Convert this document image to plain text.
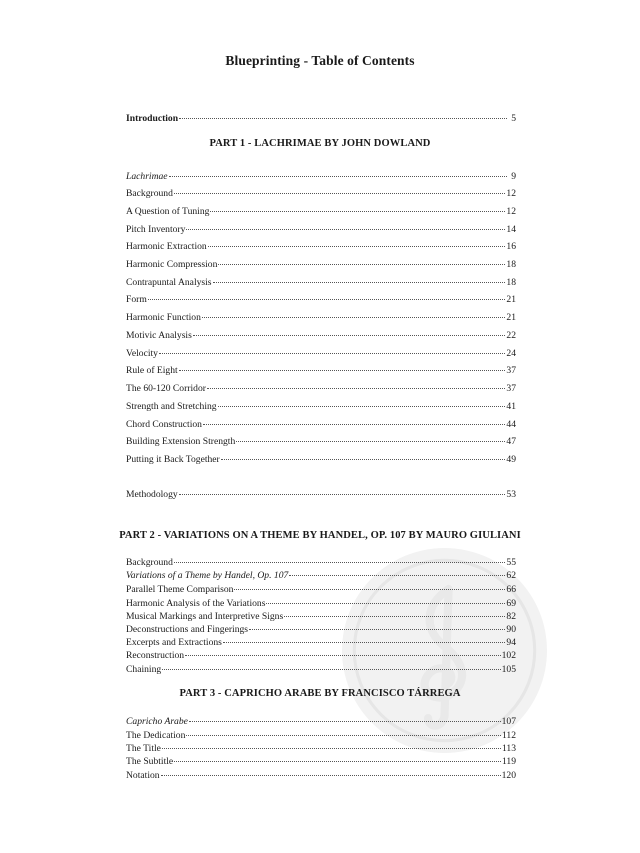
Blueprinting - Table of Contents
Introduction	5
PART 1 - LACHRIMAE BY JOHN DOWLAND
Lachrimae	9
Background	12
A Question of Tuning	12
Pitch Inventory	14
Harmonic Extraction	16
Harmonic Compression	18
Contrapuntal Analysis	18
Form	21
Harmonic Function	21
Motivic Analysis	22
Velocity	24
Rule of Eight	37
The 60-120 Corridor	37
Strength and Stretching	41
Chord Construction	44
Building Extension Strength	47
Putting it Back Together	49
Methodology	53
PART 2 - VARIATIONS ON A THEME BY HANDEL, OP. 107 BY MAURO GIULIANI
Background	55
Variations of a Theme by Handel, Op. 107	62
Parallel Theme Comparison	66
Harmonic Analysis of the Variations	69
Musical Markings and Interpretive Signs	82
Deconstructions and Fingerings	90
Excerpts and Extractions	94
Reconstruction	102
Chaining	105
PART 3 - CAPRICHO ARABE BY FRANCISCO TÁRREGA
Capricho Arabe	107
The Dedication	112
The Title	113
The Subtitle	119
Notation	120
